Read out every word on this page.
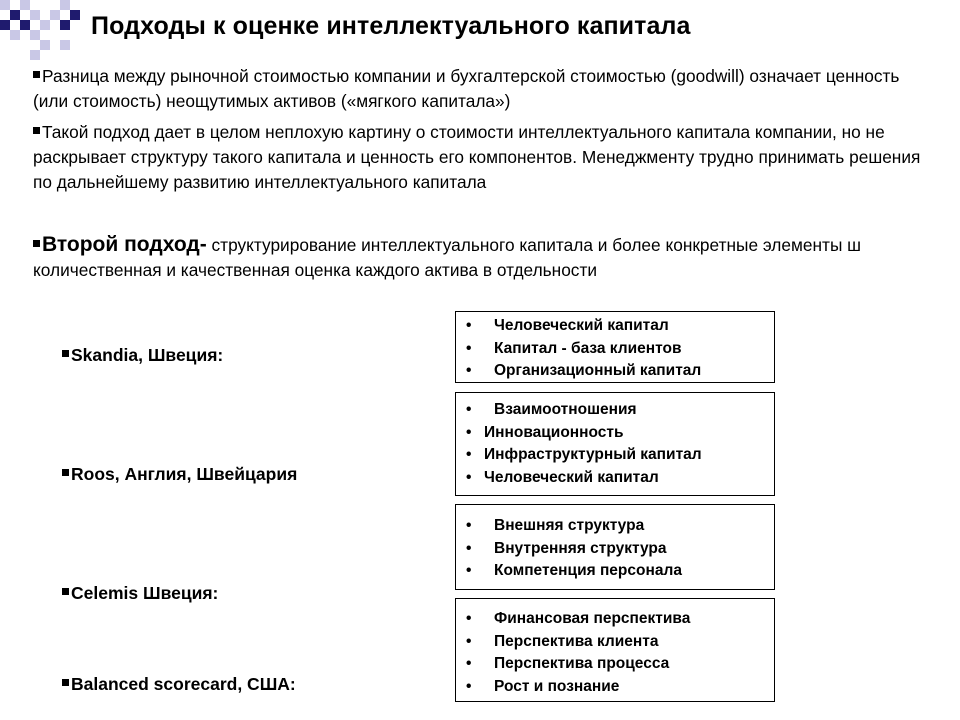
Подходы к оценке интеллектуального капитала
Разница между рыночной стоимостью компании и бухгалтерской стоимостью (goodwill) означает ценность (или стоимость) неощутимых активов («мягкого капитала»)
Такой подход дает в целом неплохую картину о стоимости интеллектуального капитала компании, но не раскрывает структуру такого капитала и ценность его компонентов. Менеджменту трудно принимать решения по дальнейшему развитию интеллектуального капитала
Второй подход- структурирование интеллектуального капитала и более конкретные элементы ш количественная и качественная оценка каждого актива в отдельности
Skandia, Швеция:
Roos, Англия, Швейцария
Celemis Швеция:
Balanced scorecard, США:
• Человеческий капитал
• Капитал - база клиентов
• Организационный капитал
• Взаимоотношения
• Инновационность
• Инфраструктурный капитал
• Человеческий капитал
• Внешняя структура
• Внутренняя структура
• Компетенция персонала
• Финансовая перспектива
• Перспектива клиента
• Перспектива процесса
• Рост и познание
